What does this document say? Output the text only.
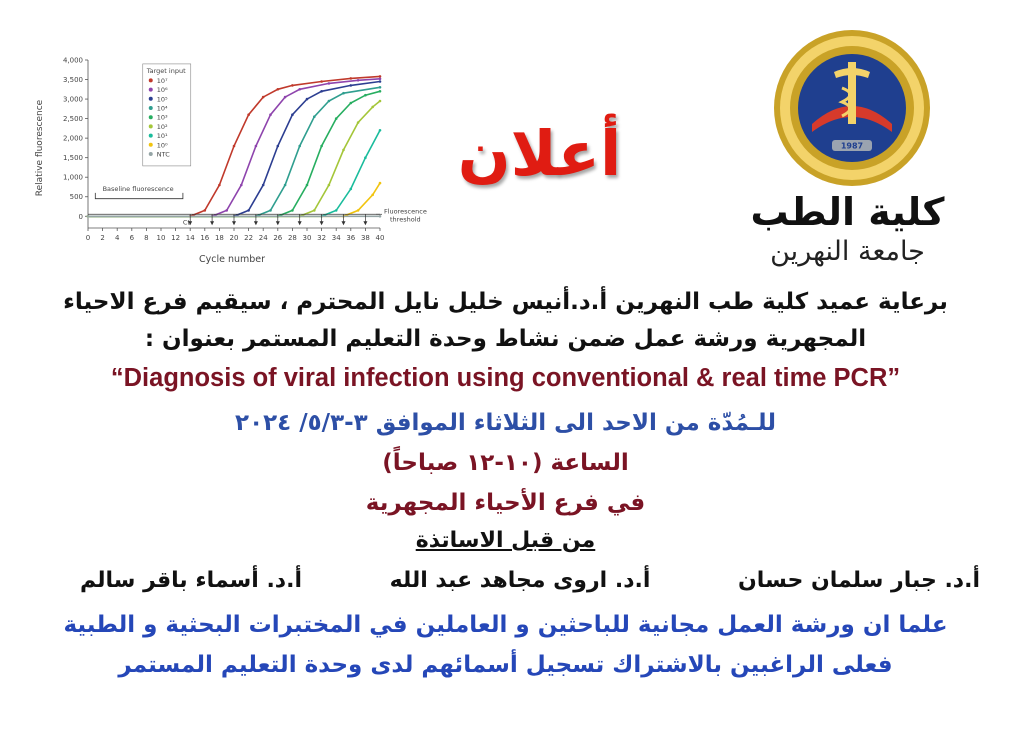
0
500
1,000
1,500
2,000
2,500
3,000
3,500
4,000
0 2 4 6 8 10 12 14 16 18 20 22 24 26 28 30 32 34 36 38 40
Baseline fluorescence
Ct
Fluorescence
threshold
Target input
10⁷
10⁶
10⁵
10⁴
10³
10²
10¹
10⁰
NTC
Relative fluorescence
Cycle number
أعلان	1987
كلية الطب
جامعة النهرين
برعاية عميد كلية طب النهرين أ.د.أنيس خليل نايل المحترم ، سيقيم فرع الاحياء
المجهرية ورشة عمل ضمن نشاط وحدة التعليم المستمر بعنوان :
“Diagnosis of viral infection using conventional & real time PCR”
للـمُدّة من الاحد الى الثلاثاء الموافق ٣-٥/٣/ ٢٠٢٤
الساعة (١٠-١٢ صباحاً)
في فرع الأحياء المجهرية
من قبل الاساتذة
أ.د. جبار سلمان حسان
أ.د. اروى مجاهد عبد الله
أ.د. أسماء باقر سالم
علما ان ورشة العمل مجانية للباحثين و العاملين في المختبرات البحثية و الطبية
فعلى الراغبين بالاشتراك تسجيل أسمائهم لدى وحدة التعليم المستمر
